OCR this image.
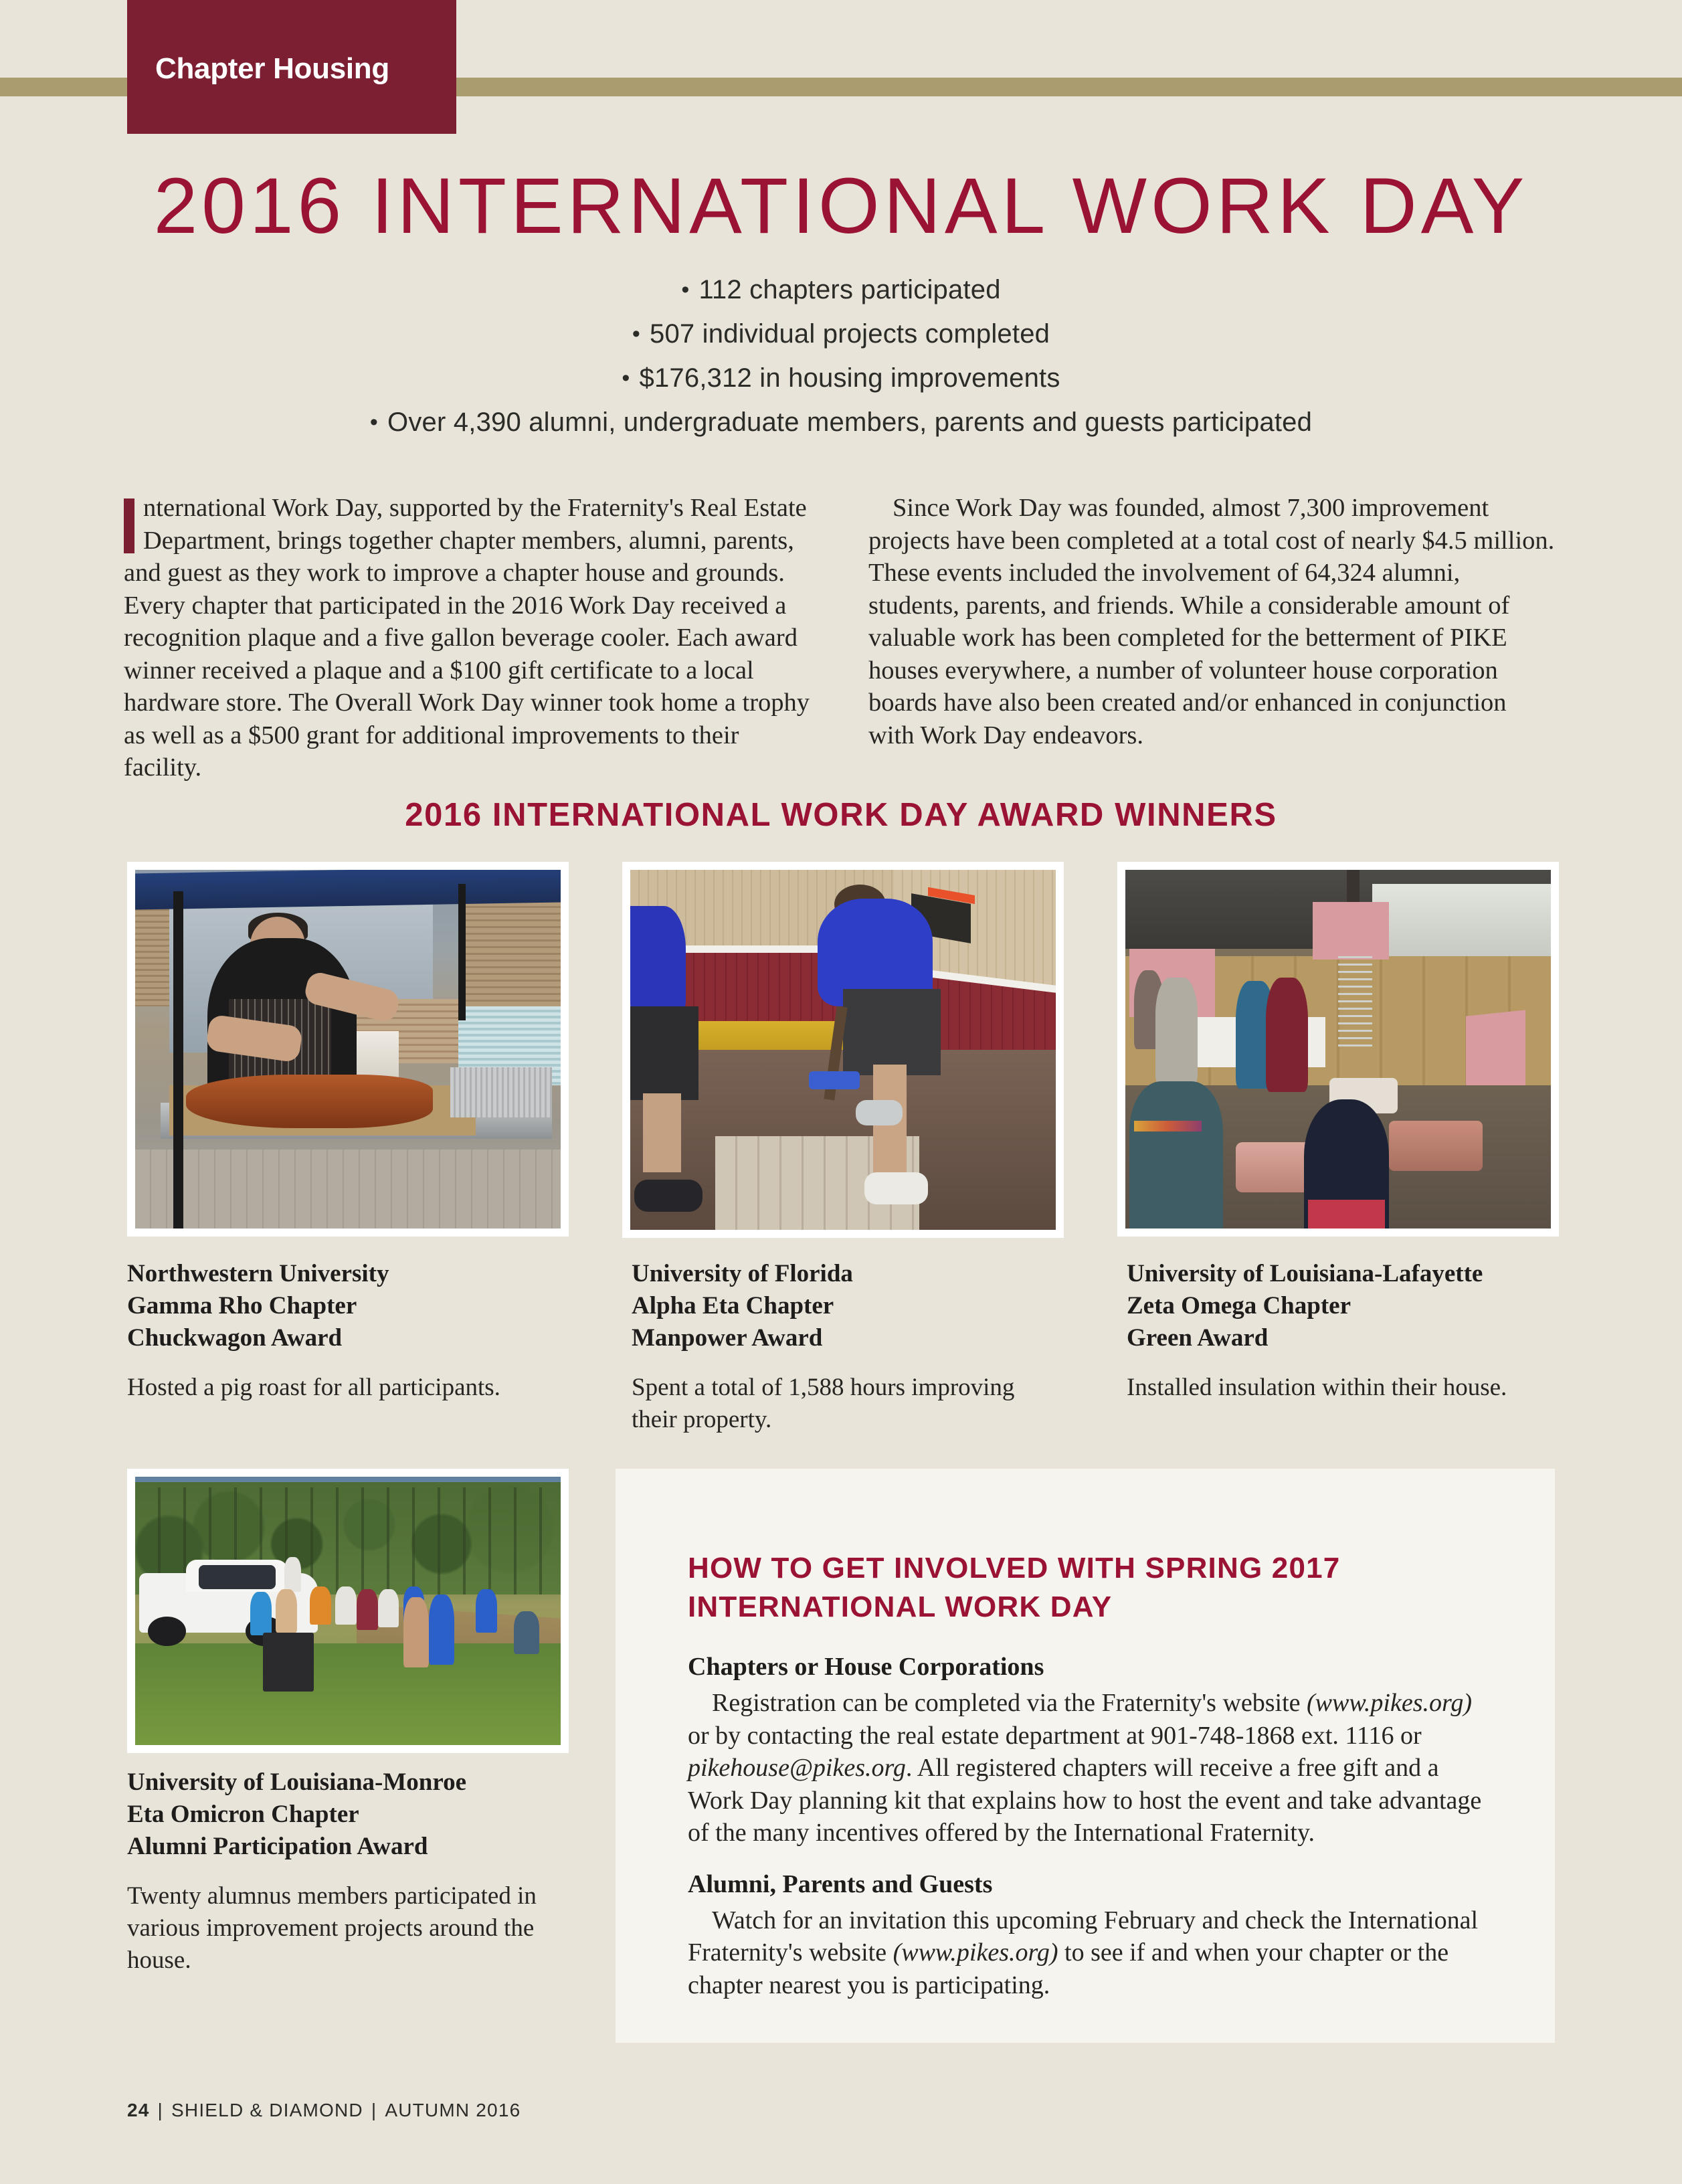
Chapter Housing
2016 INTERNATIONAL WORK DAY
• 112 chapters participated
• 507 individual projects completed
• $176,312 in housing improvements
• Over 4,390 alumni, undergraduate members, parents and guests participated

nternational Work Day, supported by the Fraternity's Real Estate Department, brings together chapter members, alumni, parents, and guest as they work to improve a chapter house and grounds. Every chapter that participated in the 2016 Work Day received a recognition plaque and a five gallon beverage cooler. Each award winner received a plaque and a $100 gift certificate to a local hardware store. The Overall Work Day winner took home a trophy as well as a $500 grant for additional improvements to their facility.

Since Work Day was founded, almost 7,300 improvement projects have been completed at a total cost of nearly $4.5 million. These events included the involvement of 64,324 alumni, students, parents, and friends. While a considerable amount of valuable work has been completed for the betterment of PIKE houses everywhere, a number of volunteer house corporation boards have also been created and/or enhanced in conjunction with Work Day endeavors.

2016 INTERNATIONAL WORK DAY AWARD WINNERS
Northwestern University
Gamma Rho Chapter
Chuckwagon Award
Hosted a pig roast for all participants.
University of Florida
Alpha Eta Chapter
Manpower Award
Spent a total of 1,588 hours improving their property.
University of Louisiana-Lafayette
Zeta Omega Chapter
Green Award
Installed insulation within their house.
University of Louisiana-Monroe
Eta Omicron Chapter
Alumni Participation Award
Twenty alumnus members participated in various improvement projects around the house.
HOW TO GET INVOLVED WITH SPRING 2017
INTERNATIONAL WORK DAY
Chapters or House Corporations
Registration can be completed via the Fraternity's website (www.pikes.org) or by contacting the real estate department at 901-748-1868 ext. 1116 or pikehouse@pikes.org. All registered chapters will receive a free gift and a Work Day planning kit that explains how to host the event and take advantage of the many incentives offered by the International Fraternity.
Alumni, Parents and Guests
Watch for an invitation this upcoming February and check the International Fraternity's website (www.pikes.org) to see if and when your chapter or the chapter nearest you is participating.
24 | SHIELD & DIAMOND | AUTUMN 2016
